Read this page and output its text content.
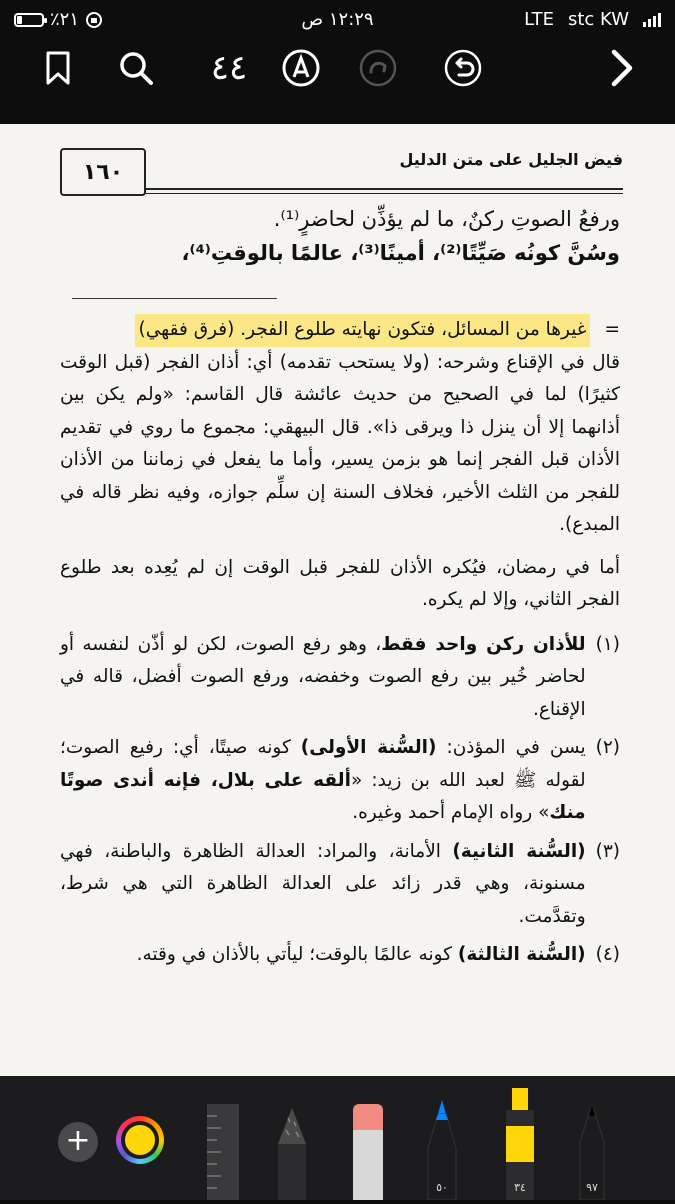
٪٢١	١٢:٢٩ ص	LTE stc KW
٤٤
فيض الجليل على متن الدليل
١٦٠
ورفعُ الصوتِ ركنٌ، ما لم يؤذِّن لحاضرٍ⁽¹⁾.
وسُنَّ كونُه صَيِّتًا⁽²⁾، أمينًا⁽³⁾، عالمًا بالوقتِ⁽⁴⁾،
=
غيرها من المسائل، فتكون نهايته طلوع الفجر. (فرق فقهي)
قال في الإقناع وشرحه: (ولا يستحب تقدمه) أي: أذان الفجر (قبل الوقت كثيرًا) لما في الصحيح من حديث عائشة قال القاسم: «ولم يكن بين أذانهما إلا أن ينزل ذا ويرقى ذا». قال البيهقي: مجموع ما روي في تقديم الأذان قبل الفجر إنما هو بزمن يسير، وأما ما يفعل في زماننا من الأذان للفجر من الثلث الأخير، فخلاف السنة إن سلِّم جوازه، وفيه نظر قاله في المبدع).
أما في رمضان، فيُكره الأذان للفجر قبل الوقت إن لم يُعِده بعد طلوع الفجر الثاني، وإلا لم يكره.
(١)
للأذان ركن واحد فقط، وهو رفع الصوت، لكن لو أذّن لنفسه أو لحاضر خُير بين رفع الصوت وخفضه، ورفع الصوت أفضل، قاله في الإقناع.
(٢)
يسن في المؤذن: (السُّنة الأولى) كونه صيتًا، أي: رفيع الصوت؛ لقوله ﷺ لعبد الله بن زيد: «ألقه على بلال، فإنه أندى صوتًا منك» رواه الإمام أحمد وغيره.
(٣)
(السُّنة الثانية) الأمانة، والمراد: العدالة الظاهرة والباطنة، فهي مسنونة، وهي قدر زائد على العدالة الظاهرة التي هي شرط، وتقدَّمت.
(٤)
(السُّنة الثالثة) كونه عالمًا بالوقت؛ ليأتي بالأذان في وقته.
+
٥٠	٣٤	٩٧
